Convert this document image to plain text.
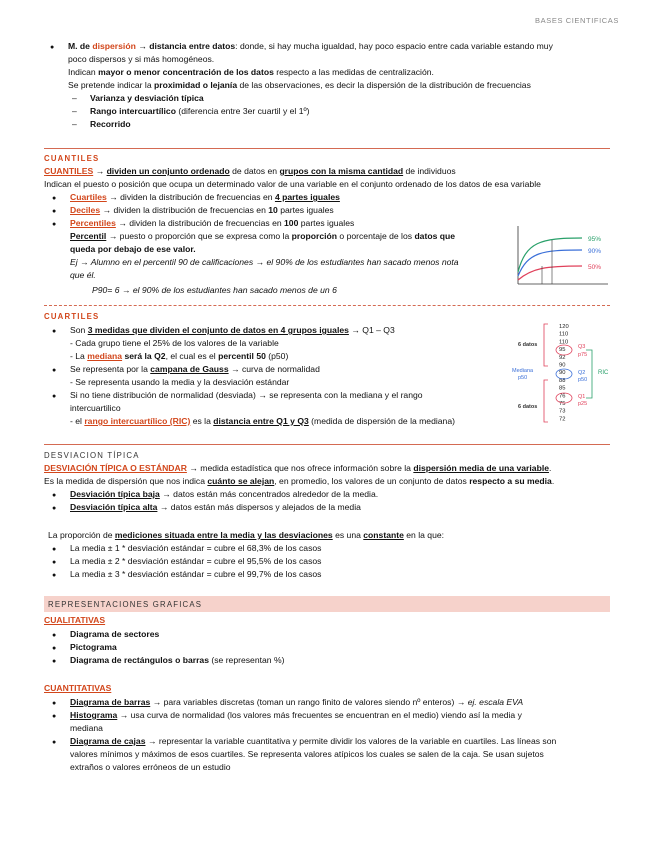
BASES CIENTIFICAS
●M. de dispersión → distancia entre datos: donde, si hay mucha igualdad, hay poco espacio entre cada variable estando muy
poco dispersos y si más homogéneos.
Indican mayor o menor concentración de los datos respecto a las medidas de centralización.
Se pretende indicar la proximidad o lejanía de las observaciones, es decir la dispersión de la distribución de frecuencias
– Varianza y desviación típica
– Rango intercuartílico (diferencia entre 3er cuartil y el 1º)
– Recorrido
CUANTILES
CUANTILES → dividen un conjunto ordenado de datos en grupos con la misma cantidad de individuos
Indican el puesto o posición que ocupa un determinado valor de una variable en el conjunto ordenado de los datos de esa variable
●Cuartiles → dividen la distribución de frecuencias en 4 partes iguales
●Deciles → dividen la distribución de frecuencias en 10 partes iguales
●Percentiles → dividen la distribución de frecuencias en 100 partes iguales
Percentil → puesto o proporción que se expresa como la proporción o porcentaje de los datos que
queda por debajo de ese valor.
Ej → Alumno en el percentil 90 de calificaciones → el 90% de los estudiantes han sacado menos nota
que él.
P90= 6 → el 90% de los estudiantes han sacado menos de un 6
95%
90%
50%
CUARTILES
●Son 3 medidas que dividen el conjunto de datos en 4 grupos iguales → Q1 – Q3
- Cada grupo tiene el 25% de los valores de la variable
- La mediana será la Q2, el cual es el percentil 50 (p50)
●Se representa por la campana de Gauss → curva de normalidad
- Se representa usando la media y la desviación estándar
●Si no tiene distribución de normalidad (desviada) → se representa con la mediana y el rango
intercuartilico
- el rango intercuartílico (RIC) es la distancia entre Q1 y Q3 (medida de dispersión de la mediana)
120
110
110
95
92
90
90
88
85
76
75
73
72
6 datos
Mediana
p50
6 datos
Q3
p75
Q2
p50
Q1
p25
RIC
DESVIACION TÍPICA
DESVIACIÓN TÍPICA O ESTÁNDAR → medida estadística que nos ofrece información sobre la dispersión media de una variable.
Es la medida de dispersión que nos indica cuánto se alejan, en promedio, los valores de un conjunto de datos respecto a su media.
●Desviación típica baja → datos están más concentrados alrededor de la media.
●Desviación típica alta → datos están más dispersos y alejados de la media
La proporción de mediciones situada entre la media y las desviaciones es una constante en la que:
●La media ± 1 * desviación estándar = cubre el 68,3% de los casos
●La media ± 2 * desviación estándar = cubre el 95,5% de los casos
●La media ± 3 * desviación estándar = cubre el 99,7% de los casos
REPRESENTACIONES GRAFICAS
CUALITATIVAS
●Diagrama de sectores
●Pictograma
●Diagrama de rectángulos o barras (se representan %)
CUANTITATIVAS
●Diagrama de barras → para variables discretas (toman un rango finito de valores siendo nº enteros) → ej. escala EVA
●Histograma → usa curva de normalidad (los valores más frecuentes se encuentran en el medio) viendo así la media y
mediana
●Diagrama de cajas → representar la variable cuantitativa y permite dividir los valores de la variable en cuartiles. Las líneas son
valores mínimos y máximos de esos cuartiles. Se representa valores atípicos los cuales se salen de la caja. Se usan sujetos
extraños o valores erróneos de un estudio
